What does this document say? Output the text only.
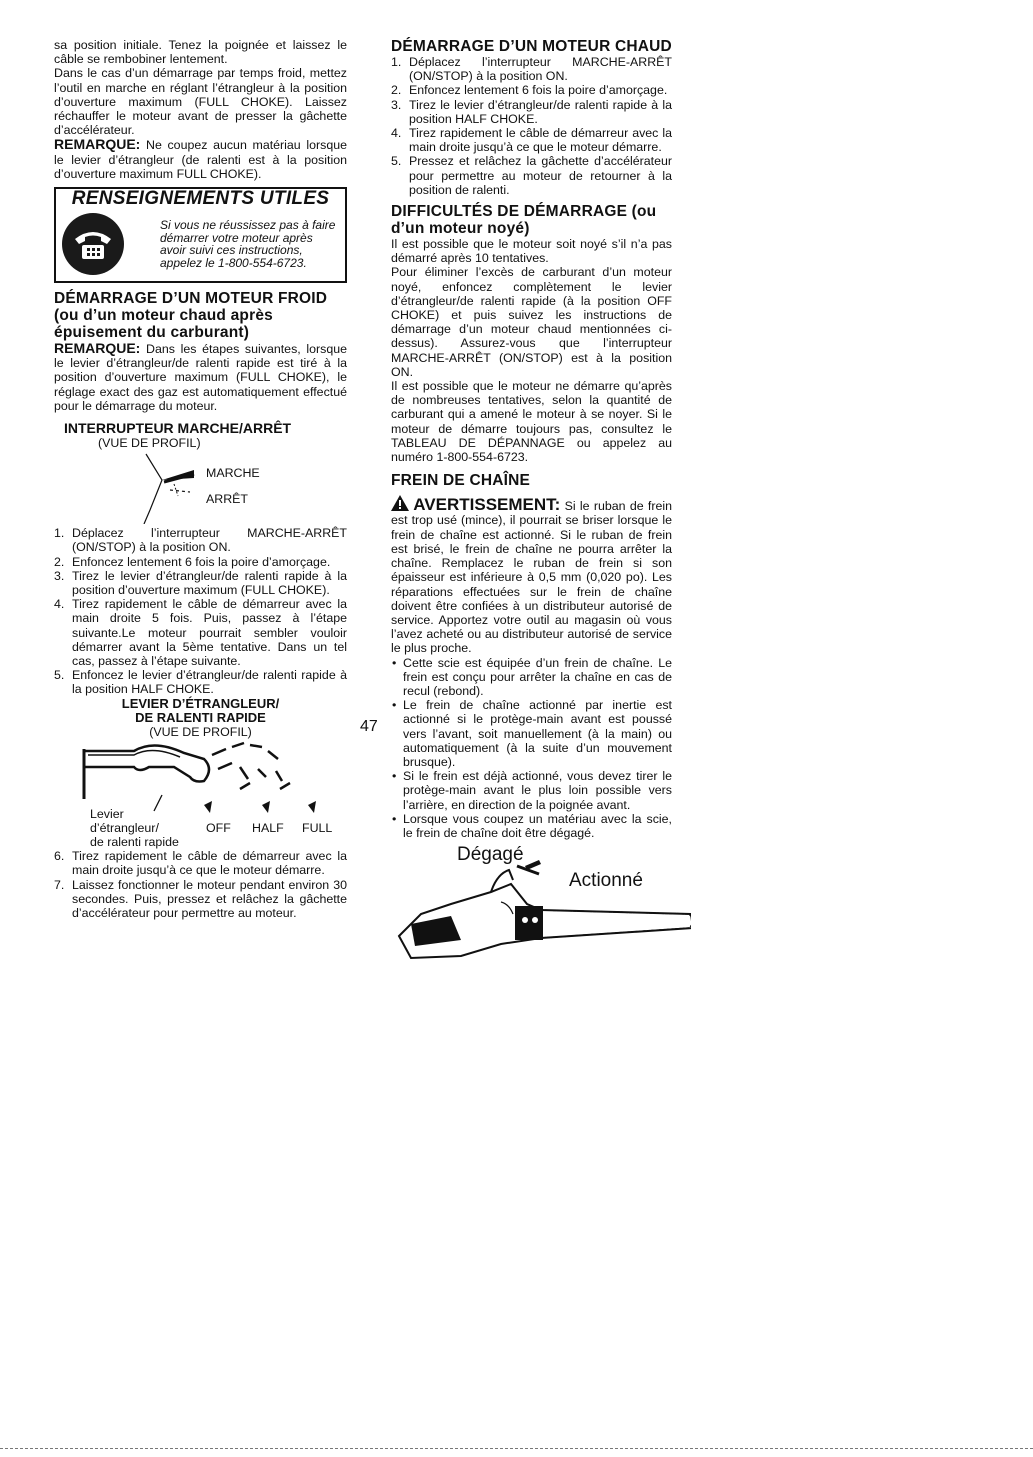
sa position initiale. Tenez la poignée et laissez le câble se rembobiner lentement.

Dans le cas d’un démarrage par temps froid, mettez l’outil en marche en réglant l’étrangleur à la position d’ouverture maximum (FULL CHOKE). Laissez réchauffer le moteur avant de presser la gâchette d’accélérateur.

REMARQUE: Ne coupez aucun matériau lorsque le levier d’étrangleur (de ralenti est à la position d’ouverture maximum FULL CHOKE).

RENSEIGNEMENTS UTILES
Si vous ne réussissez pas à faire démarrer votre moteur après avoir suivi ces instructions, appelez le 1-800-554-6723.
DÉMARRAGE D’UN MOTEUR FROID (ou d’un moteur chaud après épuisement du carburant)

REMARQUE: Dans les étapes suivantes, lorsque le levier d’étrangleur/de ralenti rapide est tiré à la position d’ouverture maximum (FULL CHOKE), le réglage exact des gaz est automatiquement effectué pour le démarrage du moteur.

INTERRUPTEUR MARCHE/ARRÊT
(VUE DE PROFIL)
MARCHE
ARRÊT
1. Déplacez l’interrupteur MARCHE-ARRÊT (ON/STOP) à la position ON.
2. Enfoncez lentement 6 fois la poire d’amorçage.
3. Tirez le levier d’étrangleur/de ralenti rapide à la position d’ouverture maximum (FULL CHOKE).
4. Tirez rapidement le câble de démarreur avec la main droite 5 fois. Puis, passez à l’étape suivante.Le moteur pourrait sembler vouloir démarrer avant la 5ème tentative. Dans un tel cas, passez à l’étape suivante.
5. Enfoncez le levier d’étrangleur/de ralenti rapide à la position HALF CHOKE.
LEVIER D’ÉTRANGLEUR/
DE RALENTI RAPIDE
(VUE DE PROFIL)
Levier
d’étrangleur/	OFF HALF FULL
de ralenti rapide
6. Tirez rapidement le câble de démarreur avec la main droite jusqu’à ce que le moteur démarre.
7. Laissez fonctionner le moteur pendant environ 30 secondes. Puis, pressez et relâchez la gâchette d’accélérateur pour permettre au moteur.
DÉMARRAGE D’UN MOTEUR CHAUD
1. Déplacez l’interrupteur MARCHE-ARRÊT (ON/STOP) à la position ON.
2. Enfoncez lentement 6 fois la poire d’amorçage.
3. Tirez le levier d’étrangleur/de ralenti rapide à la position HALF CHOKE.
4. Tirez rapidement le câble de démarreur avec la main droite jusqu’à ce que le moteur démarre.
5. Pressez et relâchez la gâchette d’accélérateur pour permettre au moteur de retourner à la position de ralenti.
DIFFICULTÉS DE DÉMARRAGE (ou d’un moteur noyé)

Il est possible que le moteur soit noyé s’il n’a pas démarré après 10 tentatives.

Pour éliminer l’excès de carburant d’un moteur noyé, enfoncez complètement le levier d’étrangleur/de ralenti rapide (à la position OFF CHOKE) et puis suivez les instructions de démarrage d’un moteur chaud mentionnées ci-dessus). Assurez-vous que l’interrupteur MARCHE-ARRÊT (ON/STOP) est à la position ON.

Il est possible que le moteur ne démarre qu’après de nombreuses tentatives, selon la quantité de carburant qui a amené le moteur à se noyer. Si le moteur de démarre toujours pas, consultez le TABLEAU DE DÉPANNAGE ou appelez au numéro 1-800-554-6723.

FREIN DE CHAÎNE

AVERTISSEMENT: Si le ruban de frein est trop usé (mince), il pourrait se briser lorsque le frein de chaîne est actionné. Si le ruban de frein est brisé, le frein de chaîne ne pourra arrêter la chaîne. Remplacez le ruban de frein si son épaisseur est inférieure à 0,5 mm (0,020 po). Les réparations effectuées sur le frein de chaîne doivent être confiées à un distributeur autorisé de service. Apportez votre outil au magasin où vous l’avez acheté ou au distributeur autorisé de service le plus proche.

• Cette scie est équipée d’un frein de chaîne. Le frein est conçu pour arrêter la chaîne en cas de recul (rebond).
• Le frein de chaîne actionné par inertie est actionné si le protège-main avant est poussé vers l’avant, soit manuellement (à la main) ou automatiquement (à la suite d’un mouvement brusque).
• Si le frein est déjà actionné, vous devez tirer le protège-main avant le plus loin possible vers l’arrière, en direction de la poignée avant.
• Lorsque vous coupez un matériau avec la scie, le frein de chaîne doit être dégagé.
Dégagé
Actionné
47
